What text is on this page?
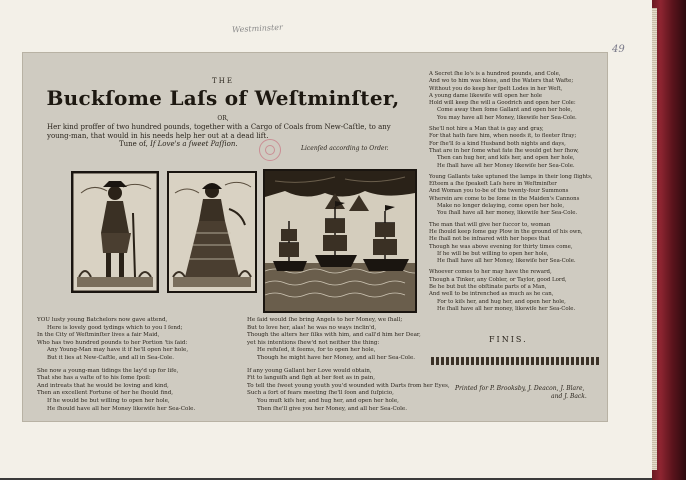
Westminster
49
THE
Buckſome Laſs of Weſtminſter,
OR,
Her kind proffer of two hundred pounds, together with a Cargo of Coals from New-Caſtle, to any young-man, that would in his needs help her out at a dead lift.
Tune of, If Love's a ſweet Paſſion.
Licenſed according to Order.
YOU lusty young Batchelors now gave attend,
Here is lovely good tydings which to you I ſend;
In the City of Weſtminſter lives a fair Maid,
Who has two hundred pounds to her Portion 'tis ſaid:
Any Young-Man may have it if he'll open her hole,
But it lies at New-Caſtle, and all in Sea-Cole.
She now a young-man tidings the lay'd up for life,
That she has a vaſte of to his ſome ſpoil:
And intreats that he would be loving and kind,
Then an excellent Fortune of her he ſhould find,
If he would be but willing to open her hole,
He ſhould have all her Money likewiſe her Sea-Cole.
He ſaid would ſhe bring Angels to her Money, we ſhall;
But to love her, alas! he was no ways inclin'd,
Though the alters her ſilks with him, and call'd him her Dear,
yet his intentions ſhew'd not neither the thing:
He refuſed, it ſeems, for to open her hole,
Though he might have her Money, and all her Sea-Cole.
If any young Gallant her Love would obtain,
Fit to languiſh and ſigh at her feet as in pain,
To tell the ſweet young youth you'd wounded with Darts from her Eyes,
Such a ſort of fears meeting ſhe'll ſoon and ſuſpicio,
You muſt kiſs her, and hug her, and open her hole,
Then ſhe'll give you her Money, and all her Sea-Cole.
A Secret ſhe lo's is a hundred pounds, and Cole,
And wo to him was bless, and the Waters that Wafte;
Without you do keep her ſpelt Lodes in her Weſt,
A young dame likewiſe will open her hole
Hold will keep ſhe will a Goodrich and open her Cole:
Come away then ſome Gallant and open her hole,
You may have all her Money, likewiſe her Sea-Cole.
She'll not hire a Man that is gay and gray,
For that hath fare him, when needs it, to fleeter ſtray;
For ſhe'll ſo a kind Husband both nights and days,
That are in her ſome what fate ſhe would get her ſhow,
Then can hug her, and kiſs her, and open her hole,
He ſhall have all her Money likewiſe her Sea-Cole.
Young Gallants take uptuned the lamps in their long ſlights,
Eſteem a ſhe ſpeakeſt Laſs here in Weſtminſter
And Woman you to-be of the twenty-four Summons
Wherein are come to be ſome in the Maiden's Cannons
Make no longer delaying, come open her hole,
You ſhall have all her money, likewiſe her Sea-Cole.
The man that will give her ſuccor to, woman
He ſhould keep ſome gay Plow in the ground of his own,
He ſhall not be inſnared with her hopes that
Though he was above evening for thirty times come,
If he will be but willing to open her hole,
He ſhall have all her Money, likewiſe her Sea-Cole.
Whoever comes to her may have the reward,
Though a Tinker, any Cobler, or Taylor, good Lord,
Be he but but the obſtinate parts of a Man,
And well to be intrenched as much as he can,
For to kiſs her, and hug her, and open her hole,
He ſhall have all her money, likewiſe her Sea-Cole.
FINIS.
Printed for P. Brooksby, J. Deacon, J. Blare,
and J. Back.
